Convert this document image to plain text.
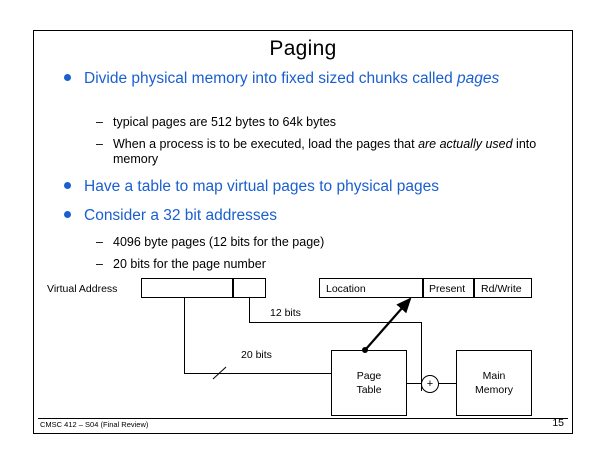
Paging
Divide physical memory into fixed sized chunks called pages
– typical pages are 512 bytes to 64k bytes
– When a process is to be executed, load the pages that are actually used into memory
Have a table to map virtual pages to physical pages
Consider a 32 bit addresses
– 4096 byte pages (12 bits for the page)
– 20 bits for the page number
Virtual Address	Location	Present Rd/Write
12 bits
20 bits
Page
Table	+
Main
Memory
CMSC 412 – S04 (Final Review)	15
